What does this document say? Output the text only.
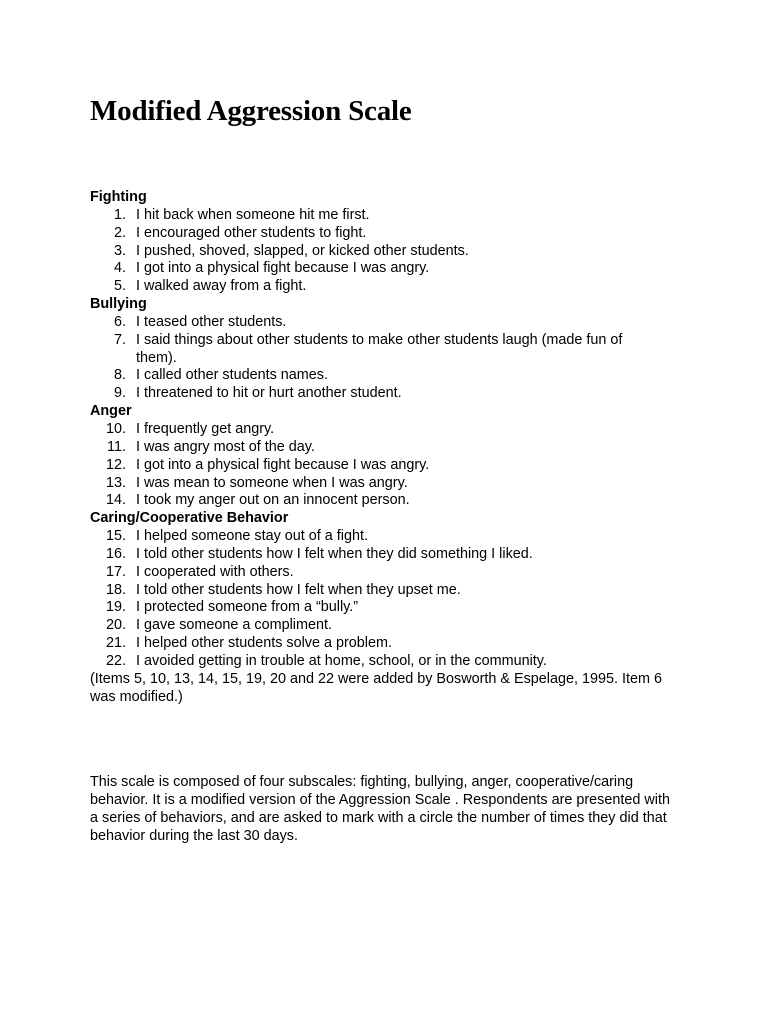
Modified Aggression Scale
Fighting
1 . I hit back when someone hit me first.
2 . I encouraged other students to fight.
3 . I pushed, shoved, slapped, or kicked other students.
4 . I got into a physical fight because I was angry.
5 . I walked away from a fight.
Bullying
6 . I teased other students.
7 . I said things about other students to make other students laugh (made fun of them).
8 . I called other students names.
9 . I threatened to hit or hurt another student.
Anger
10 . I frequently get angry.
11 . I was angry most of the day.
12 . I got into a physical fight because I was angry.
13 . I was mean to someone when I was angry.
14 . I took my anger out on an innocent person.
Caring/Cooperative Behavior
15 . I helped someone stay out of a fight.
16 . I told other students how I felt when they did something I liked.
17 . I cooperated with others.
18 . I told other students how I felt when they upset me.
19 . I protected someone from a “bully.”
20 . I gave someone a compliment.
21 . I helped other students solve a problem.
22 . I avoided getting in trouble at home, school, or in the community.

(Items 5, 10, 13, 14, 15, 19, 20 and 22 were added by Bosworth & Espelage, 1995. Item 6 was modified.)

This scale is composed of four subscales: fighting, bullying, anger, cooperative/caring behavior. It is a modified version of the Aggression Scale . Respondents are presented with a series of behaviors, and are asked to mark with a circle the number of times they did that behavior during the last 30 days.
